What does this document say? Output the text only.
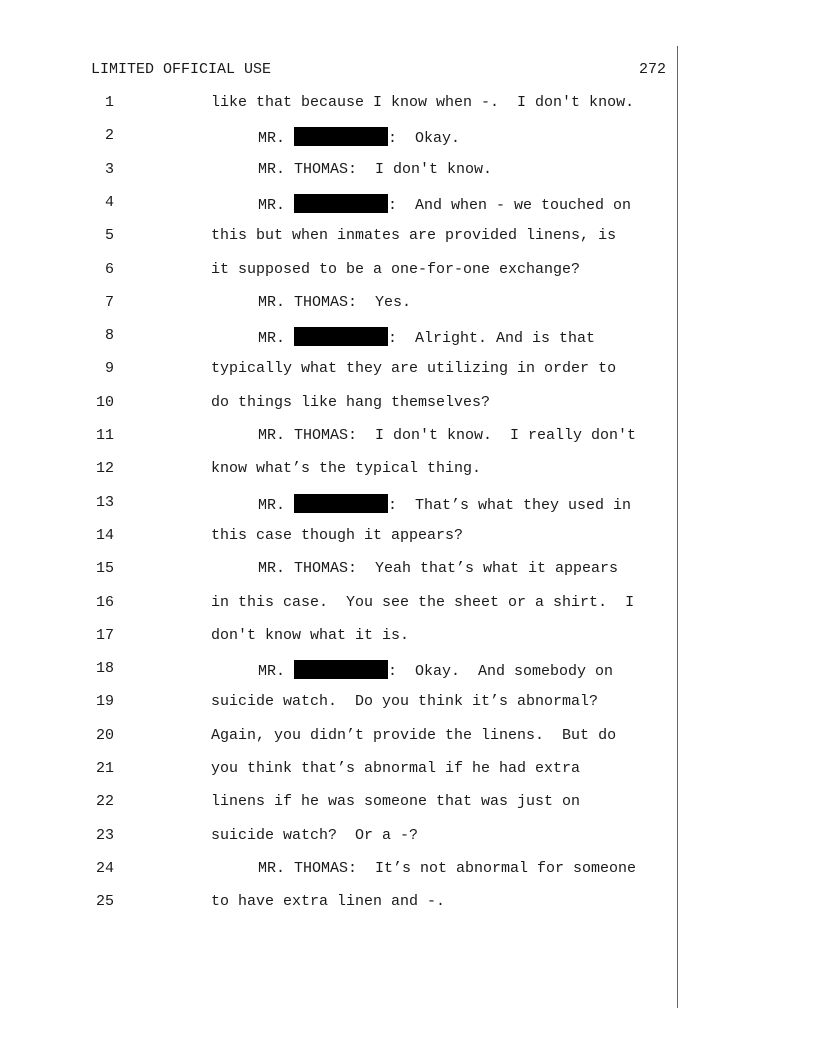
LIMITED OFFICIAL USE	272
1	like that because I know when -.  I don't know.
2	MR.	:  Okay.
3	MR. THOMAS:  I don't know.
4	MR.	:  And when - we touched on
5	this but when inmates are provided linens, is
6	it supposed to be a one-for-one exchange?
7	MR. THOMAS:  Yes.
8	MR.	:  Alright. And is that
9	typically what they are utilizing in order to
10	do things like hang themselves?
11	MR. THOMAS:  I don't know.  I really don't
12	know what’s the typical thing.
13	MR.	:  That’s what they used in
14	this case though it appears?
15	MR. THOMAS:  Yeah that’s what it appears
16	in this case.  You see the sheet or a shirt.  I
17	don't know what it is.
18	MR.	:  Okay.  And somebody on
19	suicide watch.  Do you think it’s abnormal?
20	Again, you didn’t provide the linens.  But do
21	you think that’s abnormal if he had extra
22	linens if he was someone that was just on
23	suicide watch?  Or a -?
24	MR. THOMAS:  It’s not abnormal for someone
25	to have extra linen and -.
